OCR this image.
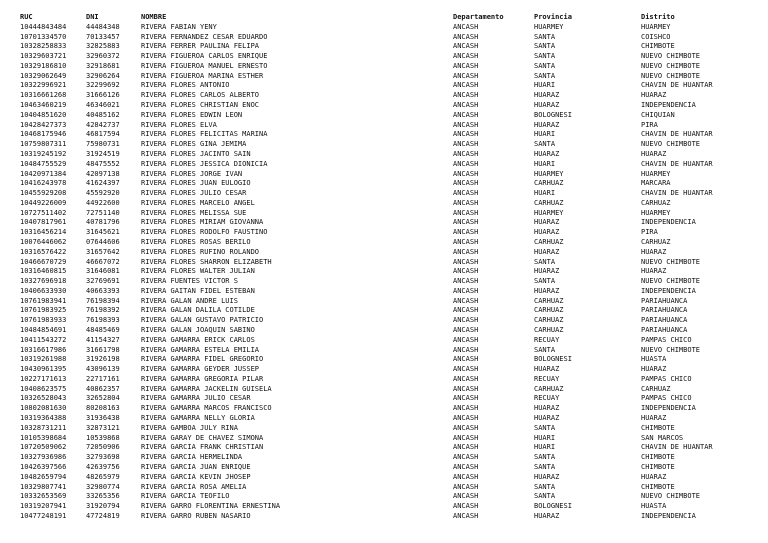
RUC	DNI	NOMBRE	Departamento	Provincia	Distrito
10444843484	44484348	RIVERA FABIAN YENY	ANCASH	HUARMEY	HUARMEY
10701334570	70133457	RIVERA FERNANDEZ CESAR EDUARDO	ANCASH	SANTA	COISHCO
10328258833	32825883	RIVERA FERRER PAULINA FELIPA	ANCASH	SANTA	CHIMBOTE
10329603721	32960372	RIVERA FIGUEROA CARLOS ENRIQUE	ANCASH	SANTA	NUEVO CHIMBOTE
10329186810	32918681	RIVERA FIGUEROA MANUEL ERNESTO	ANCASH	SANTA	NUEVO CHIMBOTE
10329062649	32906264	RIVERA FIGUEROA MARINA ESTHER	ANCASH	SANTA	NUEVO CHIMBOTE
10322996921	32299692	RIVERA FLORES ANTONIO	ANCASH	HUARI	CHAVIN DE HUANTAR
10316661268	31666126	RIVERA FLORES CARLOS ALBERTO	ANCASH	HUARAZ	HUARAZ
10463460219	46346021	RIVERA FLORES CHRISTIAN ENOC	ANCASH	HUARAZ	INDEPENDENCIA
10404851620	40485162	RIVERA FLORES EDWIN LEON	ANCASH	BOLOGNESI	CHIQUIAN
10428427373	42842737	RIVERA FLORES ELVA	ANCASH	HUARAZ	PIRA
10468175946	46817594	RIVERA FLORES FELICITAS MARINA	ANCASH	HUARI	CHAVIN DE HUANTAR
10759807311	75980731	RIVERA FLORES GINA JEMIMA	ANCASH	SANTA	NUEVO CHIMBOTE
10319245192	31924519	RIVERA FLORES JACINTO SAIN	ANCASH	HUARAZ	HUARAZ
10484755529	48475552	RIVERA FLORES JESSICA DIONICIA	ANCASH	HUARI	CHAVIN DE HUANTAR
10420971384	42097138	RIVERA FLORES JORGE IVAN	ANCASH	HUARMEY	HUARMEY
10416243978	41624397	RIVERA FLORES JUAN EULOGIO	ANCASH	CARHUAZ	MARCARA
10455929208	45592920	RIVERA FLORES JULIO CESAR	ANCASH	HUARI	CHAVIN DE HUANTAR
10449226009	44922600	RIVERA FLORES MARCELO ANGEL	ANCASH	CARHUAZ	CARHUAZ
10727511402	72751140	RIVERA FLORES MELISSA SUE	ANCASH	HUARMEY	HUARMEY
10407817961	40781796	RIVERA FLORES MIRIAM GIOVANNA	ANCASH	HUARAZ	INDEPENDENCIA
10316456214	31645621	RIVERA FLORES RODOLFO FAUSTINO	ANCASH	HUARAZ	PIRA
10076446062	07644606	RIVERA FLORES ROSAS BERILO	ANCASH	CARHUAZ	CARHUAZ
10316576422	31657642	RIVERA FLORES RUFINO ROLANDO	ANCASH	HUARAZ	HUARAZ
10466670729	46667072	RIVERA FLORES SHARRON ELIZABETH	ANCASH	SANTA	NUEVO CHIMBOTE
10316460815	31646081	RIVERA FLORES WALTER JULIAN	ANCASH	HUARAZ	HUARAZ
10327696918	32769691	RIVERA FUENTES VICTOR S	ANCASH	SANTA	NUEVO CHIMBOTE
10406633930	40663393	RIVERA GAITAN FIDEL ESTEBAN	ANCASH	HUARAZ	INDEPENDENCIA
10761983941	76198394	RIVERA GALAN ANDRE LUIS	ANCASH	CARHUAZ	PARIAHUANCA
10761983925	76198392	RIVERA GALAN DALILA COTILDE	ANCASH	CARHUAZ	PARIAHUANCA
10761983933	76198393	RIVERA GALAN GUSTAVO PATRICIO	ANCASH	CARHUAZ	PARIAHUANCA
10484854691	48485469	RIVERA GALAN JOAQUIN SABINO	ANCASH	CARHUAZ	PARIAHUANCA
10411543272	41154327	RIVERA GAMARRA ERICK CARLOS	ANCASH	RECUAY	PAMPAS CHICO
10316617986	31661798	RIVERA GAMARRA ESTELA EMILIA	ANCASH	SANTA	NUEVO CHIMBOTE
10319261988	31926198	RIVERA GAMARRA FIDEL GREGORIO	ANCASH	BOLOGNESI	HUASTA
10430961395	43096139	RIVERA GAMARRA GEYDER JUSSEP	ANCASH	HUARAZ	HUARAZ
10227171613	22717161	RIVERA GAMARRA GREGORIA PILAR	ANCASH	RECUAY	PAMPAS CHICO
10408623575	40862357	RIVERA GAMARRA JACKELIN GUISELA	ANCASH	CARHUAZ	CARHUAZ
10326528043	32652804	RIVERA GAMARRA JULIO CESAR	ANCASH	RECUAY	PAMPAS CHICO
10802081630	80208163	RIVERA GAMARRA MARCOS FRANCISCO	ANCASH	HUARAZ	INDEPENDENCIA
10319364388	31936438	RIVERA GAMARRA NELLY GLORIA	ANCASH	HUARAZ	HUARAZ
10328731211	32873121	RIVERA GAMBOA JULY RINA	ANCASH	SANTA	CHIMBOTE
10105398684	10539868	RIVERA GARAY DE CHAVEZ SIMONA	ANCASH	HUARI	SAN MARCOS
10720509062	72050906	RIVERA GARCIA FRANK CHRISTIAN	ANCASH	HUARI	CHAVIN DE HUANTAR
10327936986	32793698	RIVERA GARCIA HERMELINDA	ANCASH	SANTA	CHIMBOTE
10426397566	42639756	RIVERA GARCIA JUAN ENRIQUE	ANCASH	SANTA	CHIMBOTE
10482659794	48265979	RIVERA GARCIA KEVIN JHOSEP	ANCASH	HUARAZ	HUARAZ
10329807741	32980774	RIVERA GARCIA ROSA AMELIA	ANCASH	SANTA	CHIMBOTE
10332653569	33265356	RIVERA GARCIA TEOFILO	ANCASH	SANTA	NUEVO CHIMBOTE
10319207941	31920794	RIVERA GARRO FLORENTINA ERNESTINA	ANCASH	BOLOGNESI	HUASTA
10477248191	47724819	RIVERA GARRO RUBEN NASARIO	ANCASH	HUARAZ	INDEPENDENCIA
